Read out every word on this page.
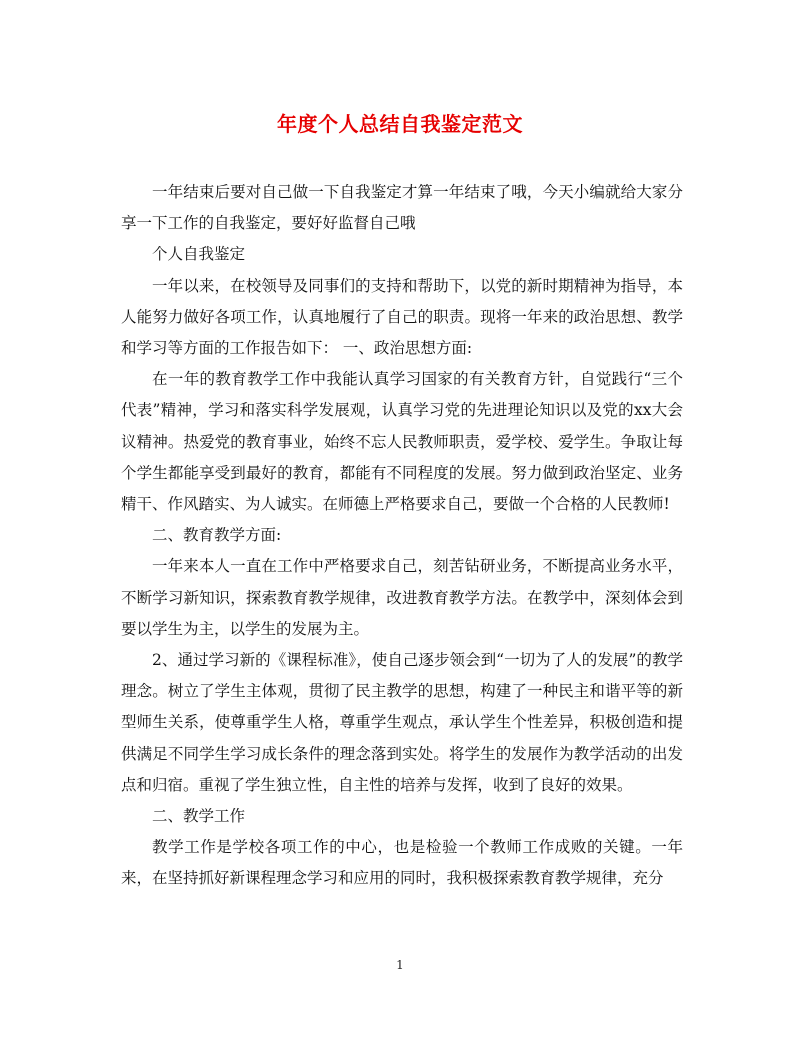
年度个人总结自我鉴定范文

一年结束后要对自己做一下自我鉴定才算一年结束了哦，今天小编就给大家分享一下工作的自我鉴定，要好好监督自己哦

个人自我鉴定

一年以来，在校领导及同事们的支持和帮助下，以党的新时期精神为指导，本人能努力做好各项工作，认真地履行了自己的职责。现将一年来的政治思想、教学和学习等方面的工作报告如下： 一、政治思想方面:

在一年的教育教学工作中我能认真学习国家的有关教育方针，自觉践行“三个代表”精神，学习和落实科学发展观，认真学习党的先进理论知识以及党的xx大会议精神。热爱党的教育事业，始终不忘人民教师职责，爱学校、爱学生。争取让每个学生都能享受到最好的教育，都能有不同程度的发展。努力做到政治坚定、业务精干、作风踏实、为人诚实。在师德上严格要求自己，要做一个合格的人民教师!

二、教育教学方面:

一年来本人一直在工作中严格要求自己，刻苦钻研业务，不断提高业务水平，不断学习新知识，探索教育教学规律，改进教育教学方法。在教学中，深刻体会到要以学生为主，以学生的发展为主。

2、通过学习新的《课程标准》，使自己逐步领会到“一切为了人的发展”的教学理念。树立了学生主体观，贯彻了民主教学的思想，构建了一种民主和谐平等的新型师生关系，使尊重学生人格，尊重学生观点，承认学生个性差异，积极创造和提供满足不同学生学习成长条件的理念落到实处。将学生的发展作为教学活动的出发点和归宿。重视了学生独立性，自主性的培养与发挥，收到了良好的效果。

二、教学工作

教学工作是学校各项工作的中心，也是检验一个教师工作成败的关键。一年来，在坚持抓好新课程理念学习和应用的同时，我积极探索教育教学规律，充分

1
